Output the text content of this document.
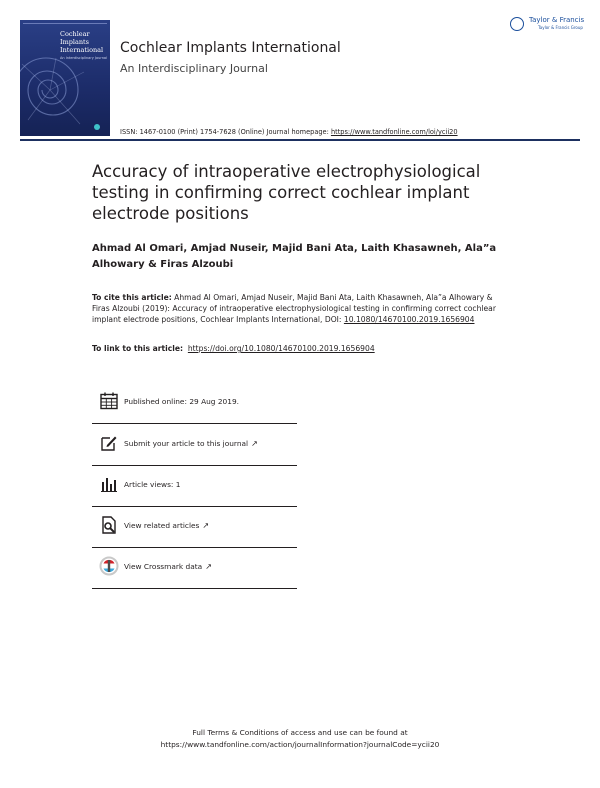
Cochlear Implants International
An Interdisciplinary Journal
Cochlear Implants International
An Interdisciplinary Journal
Taylor & Francis
Taylor & Francis Group
ISSN: 1467-0100 (Print) 1754-7628 (Online) Journal homepage: https://www.tandfonline.com/loi/ycii20
Accuracy of intraoperative electrophysiological testing in confirming correct cochlear implant electrode positions
Ahmad Al Omari, Amjad Nuseir, Majid Bani Ata, Laith Khasawneh, Ala”a Alhowary & Firas Alzoubi
To cite this article: Ahmad Al Omari, Amjad Nuseir, Majid Bani Ata, Laith Khasawneh, Ala”a Alhowary & Firas Alzoubi (2019): Accuracy of intraoperative electrophysiological testing in confirming correct cochlear implant electrode positions, Cochlear Implants International, DOI: 10.1080/14670100.2019.1656904
To link to this article: https://doi.org/10.1080/14670100.2019.1656904
Published online: 29 Aug 2019.
Submit your article to this journal ↗
Article views: 1
View related articles ↗
View Crossmark data ↗
Full Terms & Conditions of access and use can be found at
https://www.tandfonline.com/action/journalInformation?journalCode=ycii20
